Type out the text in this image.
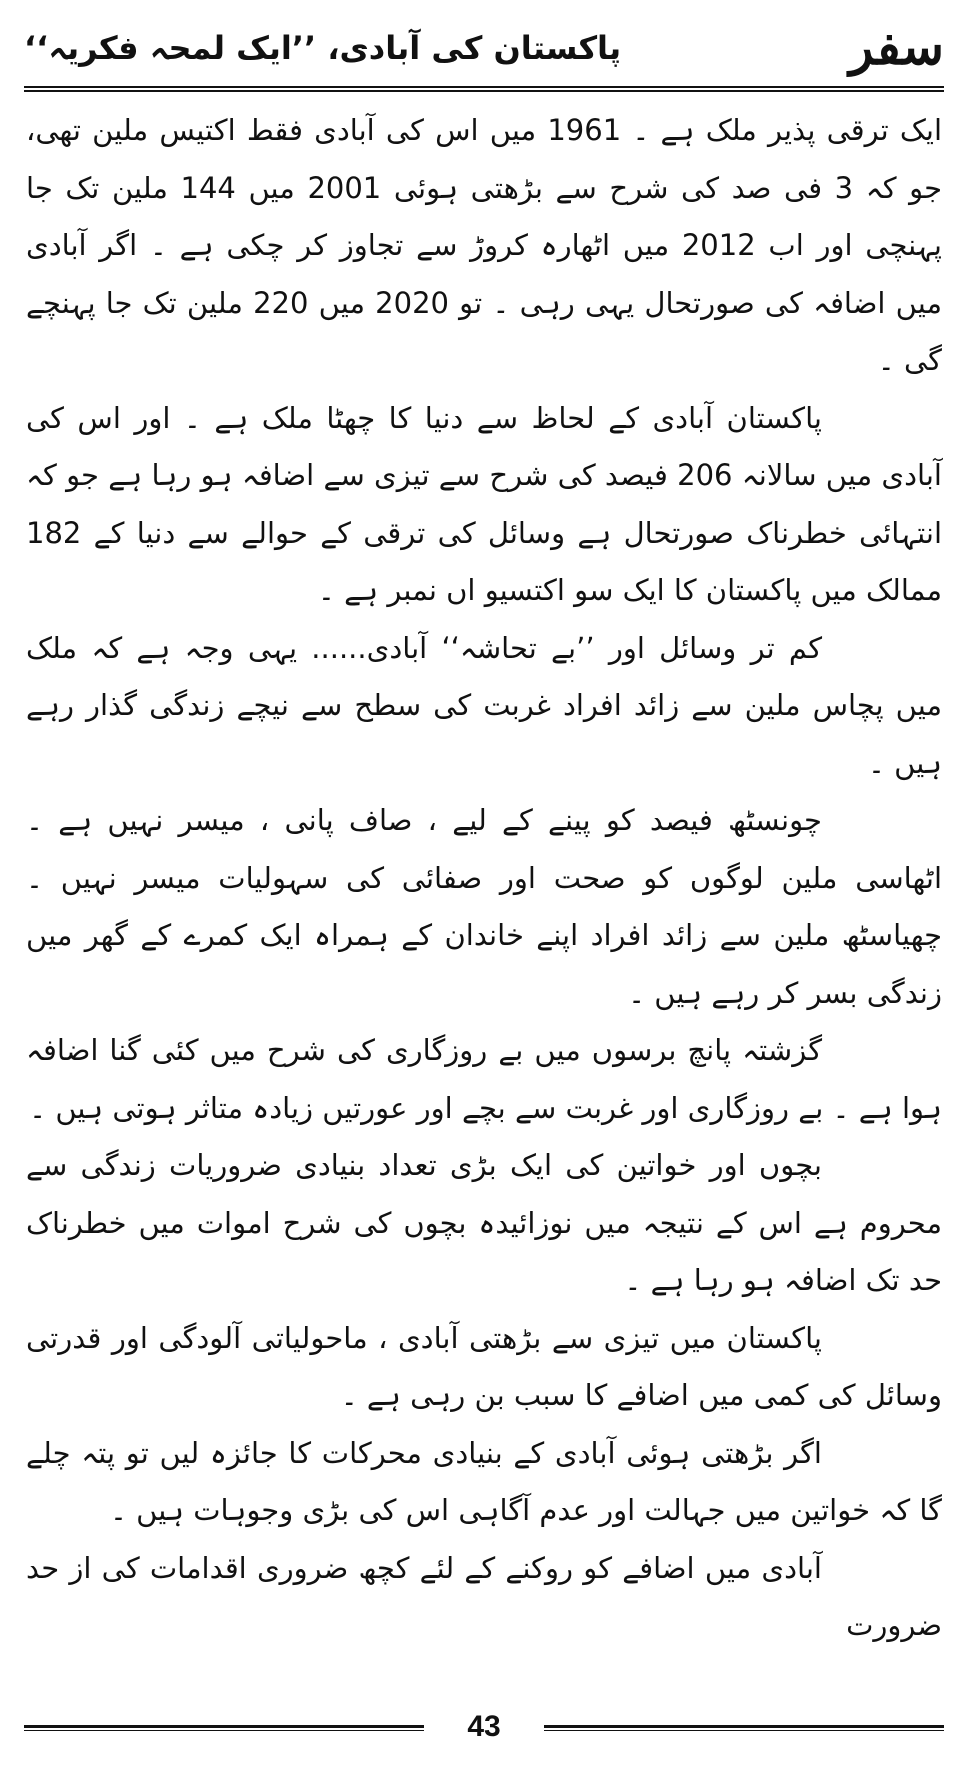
سفر
پاکستان کی آبادی، ’’ایک لمحہ فکریہ‘‘

ایک ترقی پذیر ملک ہے ۔ 1961 میں اس کی آبادی فقط اکتیس ملین تھی، جو کہ 3 فی صد کی شرح سے بڑھتی ہوئی 2001 میں 144 ملین تک جا پہنچی اور اب 2012 میں اٹھارہ کروڑ سے تجاوز کر چکی ہے ۔ اگر آبادی میں اضافہ کی صورتحال یہی رہی ۔ تو 2020 میں 220 ملین تک جا پہنچے گی ۔

پاکستان آبادی کے لحاظ سے دنیا کا چھٹا ملک ہے ۔ اور اس کی آبادی میں سالانہ 206 فیصد کی شرح سے تیزی سے اضافہ ہو رہا ہے جو کہ انتہائی خطرناک صورتحال ہے وسائل کی ترقی کے حوالے سے دنیا کے 182 ممالک میں پاکستان کا ایک سو اکتسیو اں نمبر ہے ۔

کم تر وسائل اور ’’بے تحاشہ‘‘ آبادی...... یہی وجہ ہے کہ ملک میں پچاس ملین سے زائد افراد غربت کی سطح سے نیچے زندگی گذار رہے ہیں ۔

چونسٹھ فیصد کو پینے کے لیے ، صاف پانی ، میسر نہیں ہے ۔ اٹھاسی ملین لوگوں کو صحت اور صفائی کی سہولیات میسر نہیں ۔ چھیاسٹھ ملین سے زائد افراد اپنے خاندان کے ہمراہ ایک کمرے کے گھر میں زندگی بسر کر رہے ہیں ۔

گزشتہ پانچ برسوں میں بے روزگاری کی شرح میں کئی گنا اضافہ ہوا ہے ۔ بے روزگاری اور غربت سے بچے اور عورتیں زیادہ متاثر ہوتی ہیں ۔

بچوں اور خواتین کی ایک بڑی تعداد بنیادی ضروریات زندگی سے محروم ہے اس کے نتیجہ میں نوزائیدہ بچوں کی شرح اموات میں خطرناک حد تک اضافہ ہو رہا ہے ۔

پاکستان میں تیزی سے بڑھتی آبادی ، ماحولیاتی آلودگی اور قدرتی وسائل کی کمی میں اضافے کا سبب بن رہی ہے ۔

اگر بڑھتی ہوئی آبادی کے بنیادی محرکات کا جائزہ لیں تو پتہ چلے گا کہ خواتین میں جہالت اور عدم آگاہی اس کی بڑی وجوہات ہیں ۔

آبادی میں اضافے کو روکنے کے لئے کچھ ضروری اقدامات کی از حد ضرورت

43
